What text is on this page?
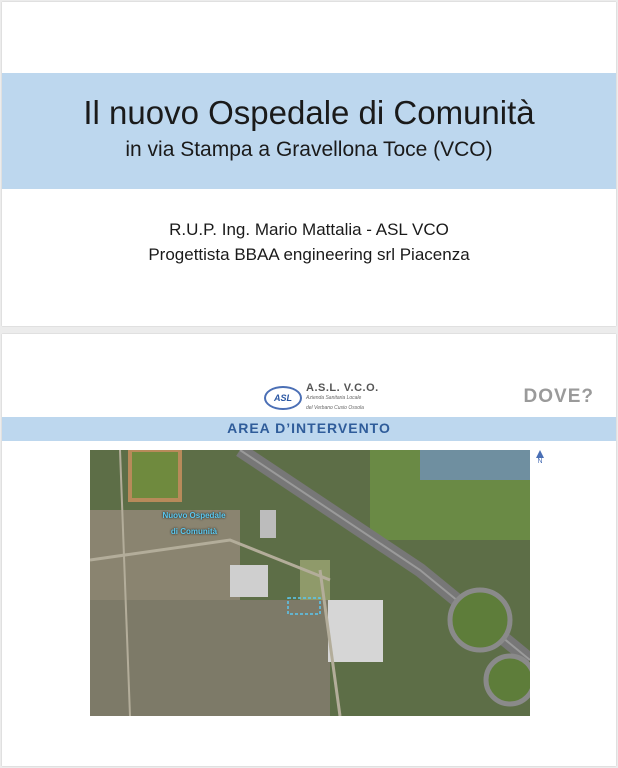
Il nuovo Ospedale di Comunità
in via Stampa a Gravellona Toce (VCO)
R.U.P. Ing. Mario Mattalia - ASL VCO
Progettista BBAA engineering srl Piacenza
ASL
A.S.L. V.C.O.
Azienda Sanitaria Locale
del Verbano Cusio Ossola
DOVE?
AREA D’INTERVENTO
Nuovo Ospedale
di Comunità
N
